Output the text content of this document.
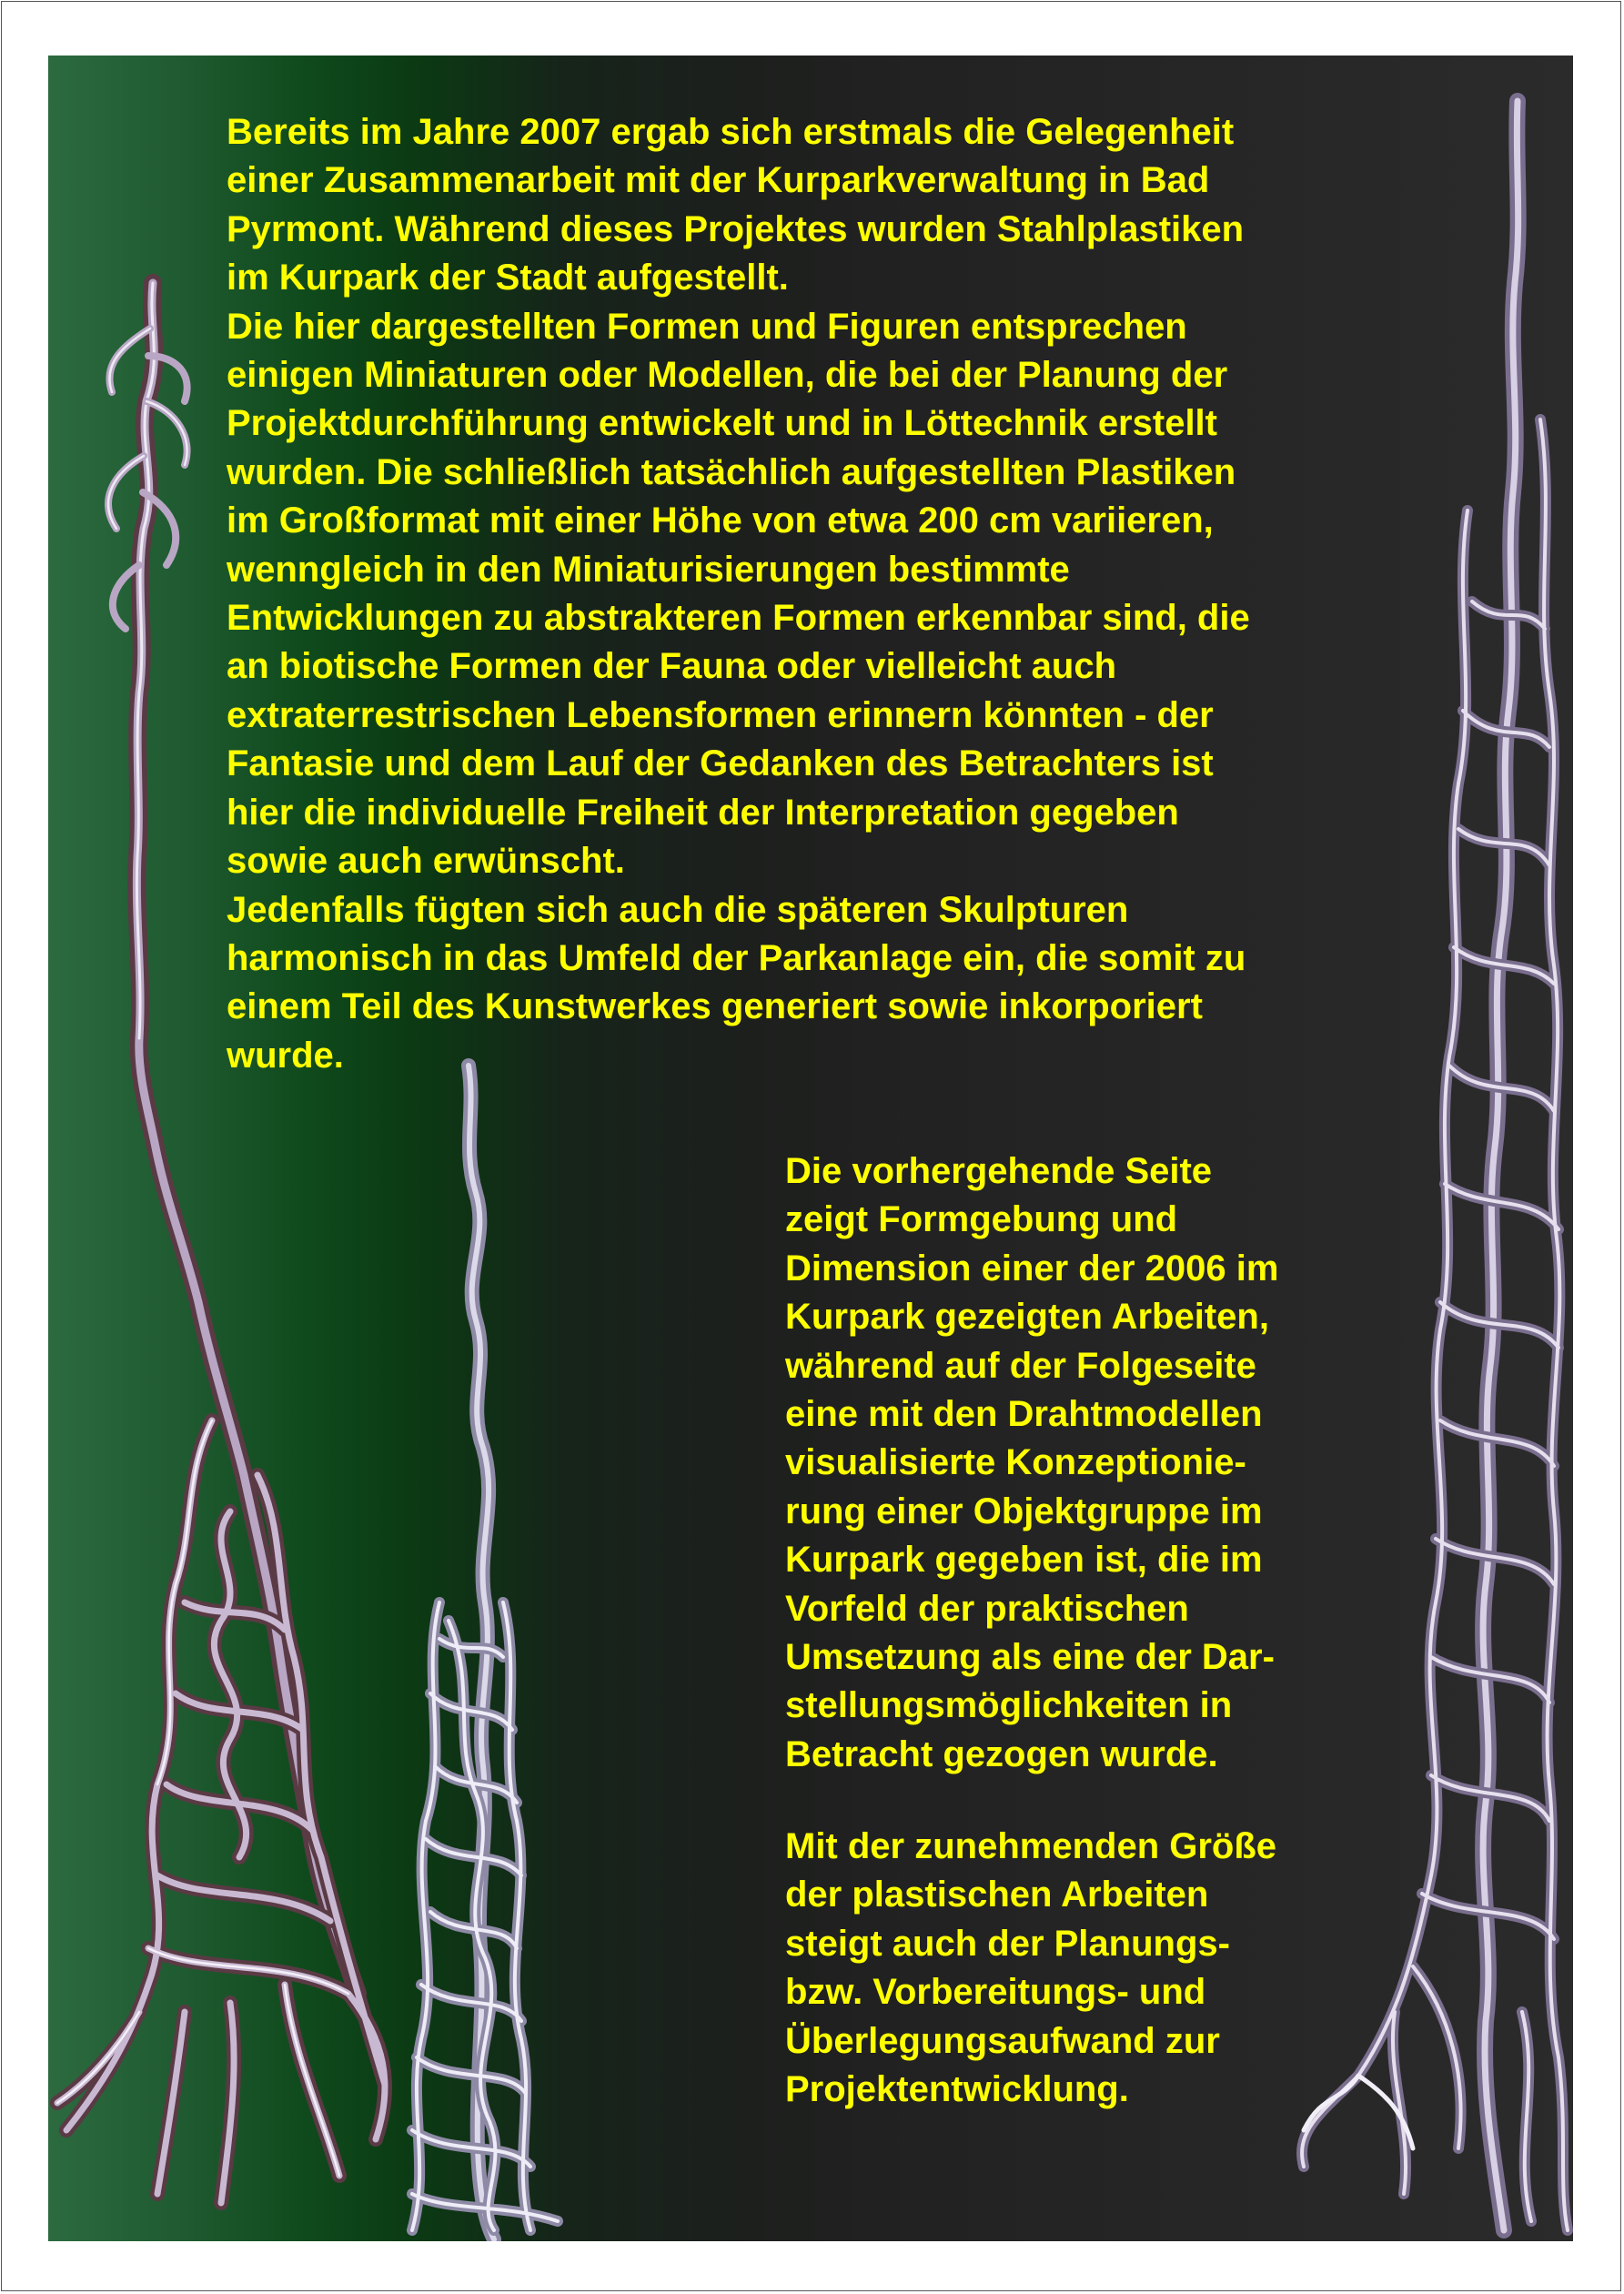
Bereits im Jahre 2007 ergab sich erstmals die Gelegenheit
einer Zusammenarbeit mit der Kurparkverwaltung in Bad
Pyrmont. Während dieses Projektes wurden Stahlplastiken
im Kurpark der Stadt aufgestellt.
Die hier dargestellten Formen und Figuren entsprechen
einigen Miniaturen oder Modellen, die bei der Planung der
Projektdurchführung entwickelt und in Löttechnik erstellt
wurden. Die schließlich tatsächlich aufgestellten Plastiken
im Großformat mit einer Höhe von etwa 200 cm variieren,
wenngleich in den Miniaturisierungen bestimmte
Entwicklungen zu abstrakteren Formen erkennbar sind, die
an biotische Formen der Fauna oder vielleicht auch
extraterrestrischen Lebensformen erinnern könnten - der
Fantasie und dem Lauf der Gedanken des Betrachters ist
hier die individuelle Freiheit der Interpretation gegeben
sowie auch erwünscht.
Jedenfalls fügten sich auch die späteren Skulpturen
harmonisch in das Umfeld der Parkanlage ein, die somit zu
einem Teil des Kunstwerkes generiert sowie inkorporiert
wurde.
Die vorhergehende Seite
zeigt Formgebung und
Dimension einer der 2006 im
Kurpark gezeigten Arbeiten,
während auf der Folgeseite
eine mit den Drahtmodellen
visualisierte Konzeptionie-
rung einer Objektgruppe im
Kurpark gegeben ist, die im
Vorfeld der praktischen
Umsetzung als eine der Dar-
stellungsmöglichkeiten in
Betracht gezogen wurde.
Mit der zunehmenden Größe
der plastischen Arbeiten
steigt auch der Planungs-
bzw. Vorbereitungs- und
Überlegungsaufwand zur
Projektentwicklung.
